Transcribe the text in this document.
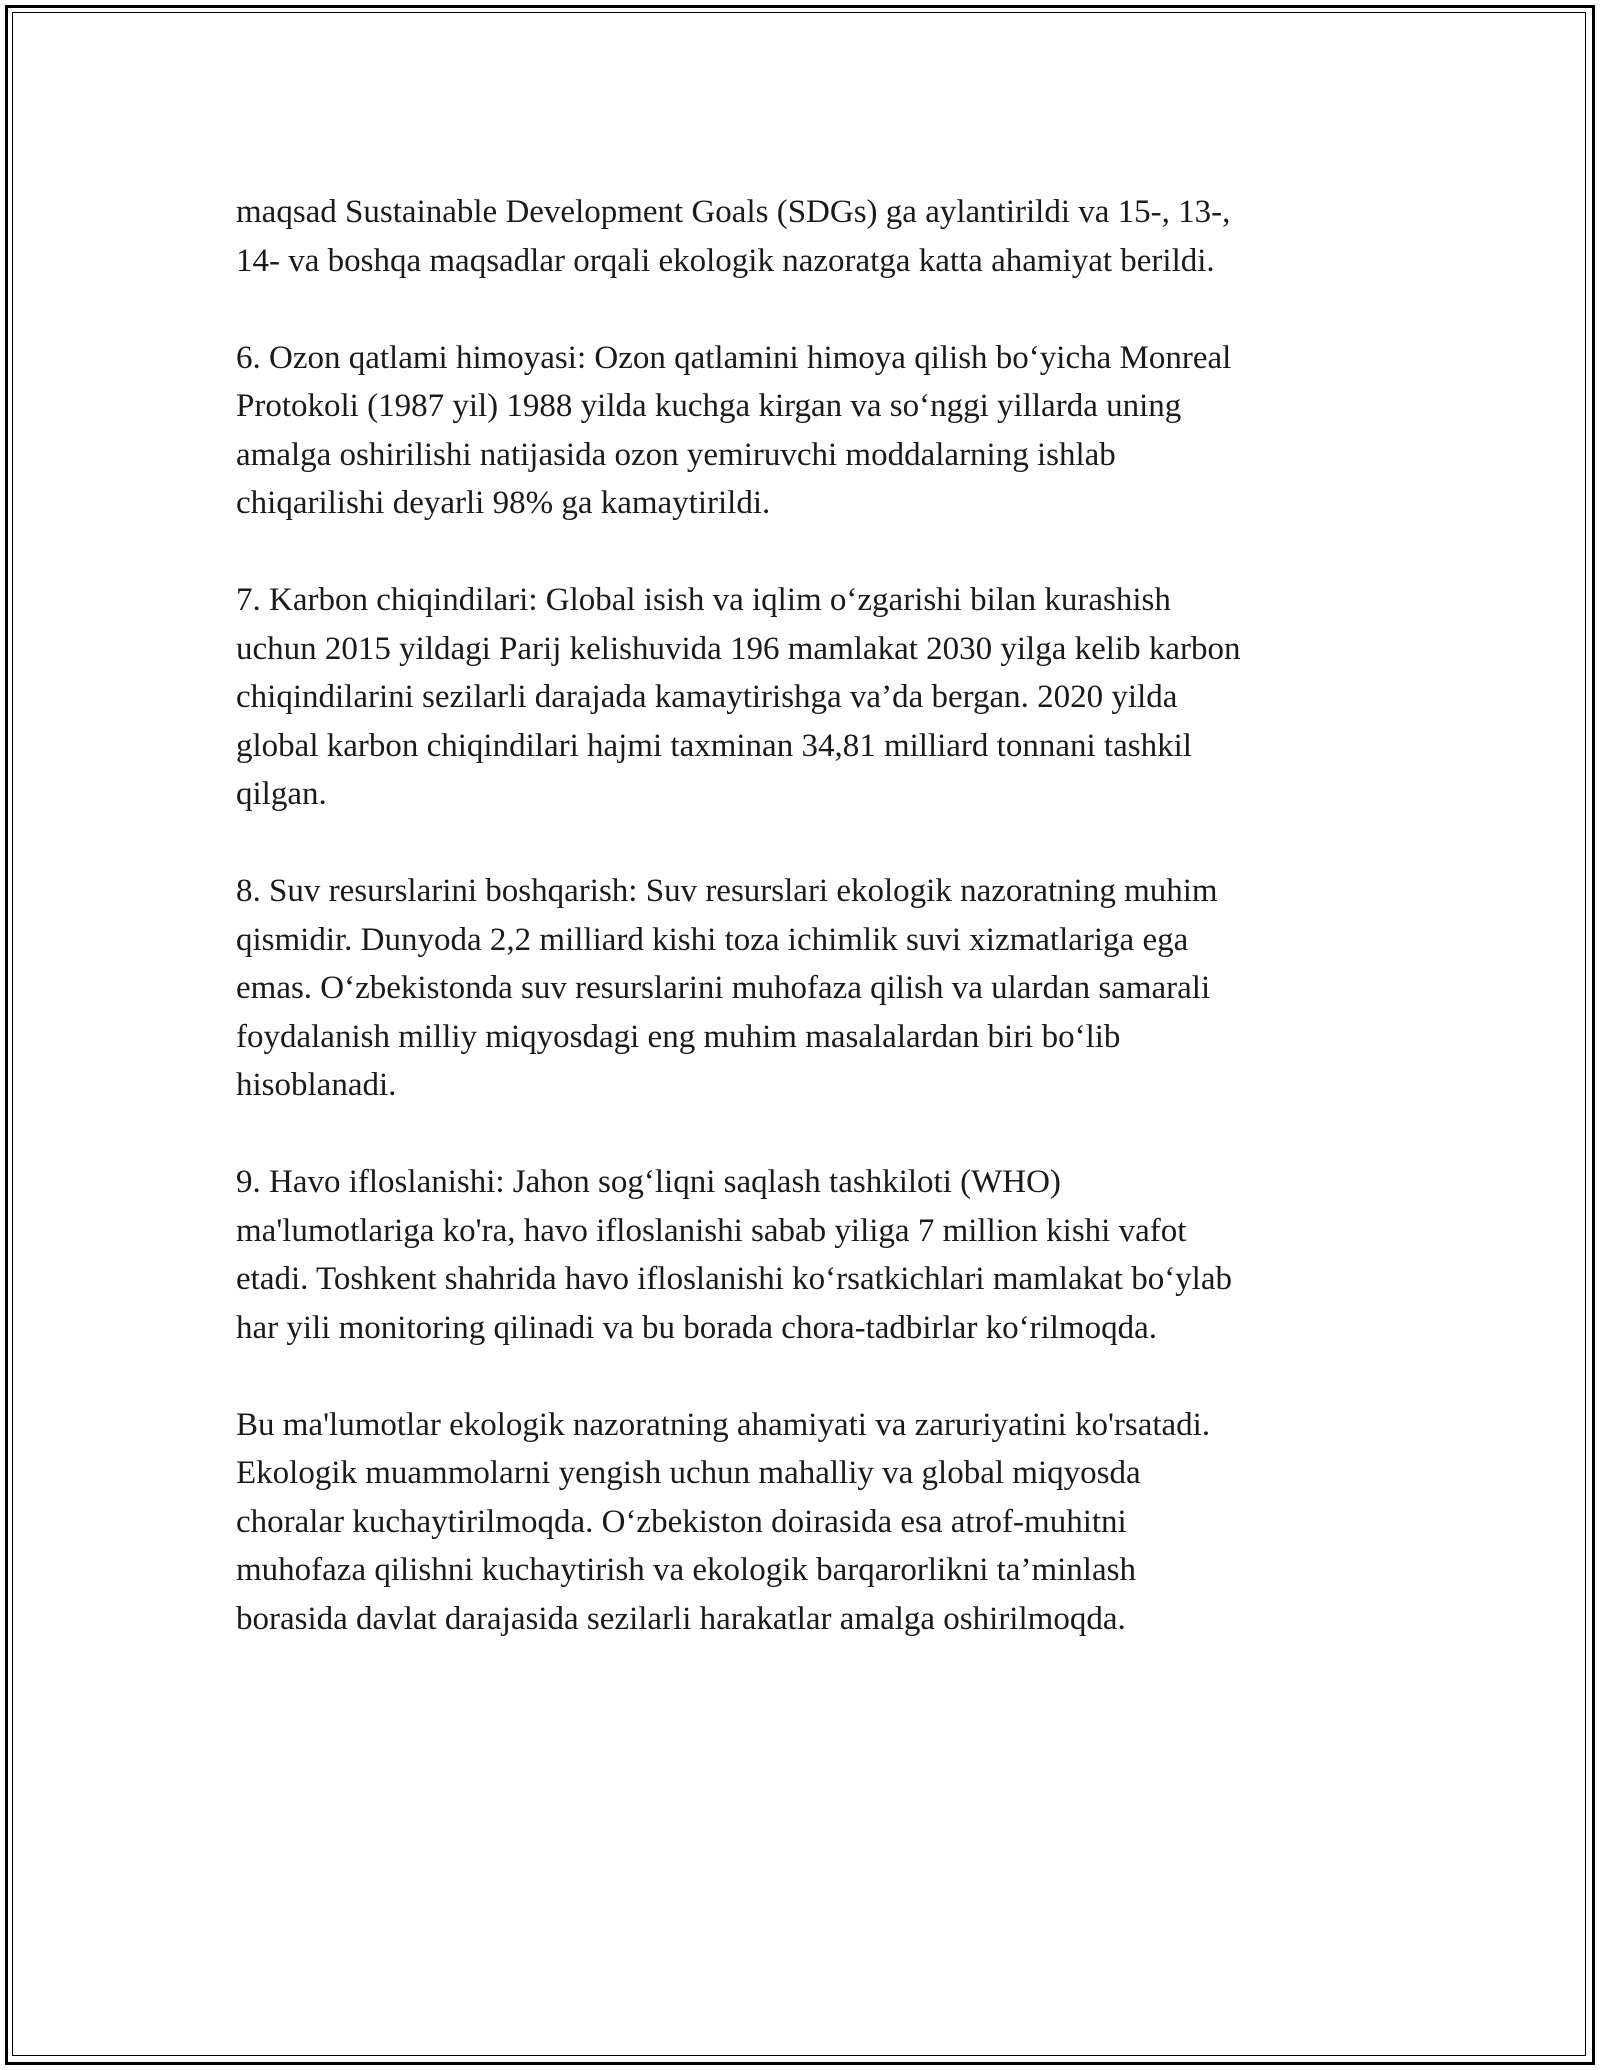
maqsad Sustainable Development Goals (SDGs) ga aylantirildi va 15-, 13-,
14- va boshqa maqsadlar orqali ekologik nazoratga katta ahamiyat berildi.

6. Ozon qatlami himoyasi: Ozon qatlamini himoya qilish bo‘yicha Monreal
Protokoli (1987 yil) 1988 yilda kuchga kirgan va so‘nggi yillarda uning
amalga oshirilishi natijasida ozon yemiruvchi moddalarning ishlab
chiqarilishi deyarli 98% ga kamaytirildi.

7. Karbon chiqindilari: Global isish va iqlim o‘zgarishi bilan kurashish
uchun 2015 yildagi Parij kelishuvida 196 mamlakat 2030 yilga kelib karbon
chiqindilarini sezilarli darajada kamaytirishga va’da bergan. 2020 yilda
global karbon chiqindilari hajmi taxminan 34,81 milliard tonnani tashkil
qilgan.

8. Suv resurslarini boshqarish: Suv resurslari ekologik nazoratning muhim
qismidir. Dunyoda 2,2 milliard kishi toza ichimlik suvi xizmatlariga ega
emas. O‘zbekistonda suv resurslarini muhofaza qilish va ulardan samarali
foydalanish milliy miqyosdagi eng muhim masalalardan biri bo‘lib
hisoblanadi.

9. Havo ifloslanishi: Jahon sog‘liqni saqlash tashkiloti (WHO)
ma'lumotlariga ko'ra, havo ifloslanishi sabab yiliga 7 million kishi vafot
etadi. Toshkent shahrida havo ifloslanishi ko‘rsatkichlari mamlakat bo‘ylab
har yili monitoring qilinadi va bu borada chora-tadbirlar ko‘rilmoqda.

Bu ma'lumotlar ekologik nazoratning ahamiyati va zaruriyatini ko'rsatadi.
Ekologik muammolarni yengish uchun mahalliy va global miqyosda
choralar kuchaytirilmoqda. O‘zbekiston doirasida esa atrof-muhitni
muhofaza qilishni kuchaytirish va ekologik barqarorlikni ta’minlash
borasida davlat darajasida sezilarli harakatlar amalga oshirilmoqda.
